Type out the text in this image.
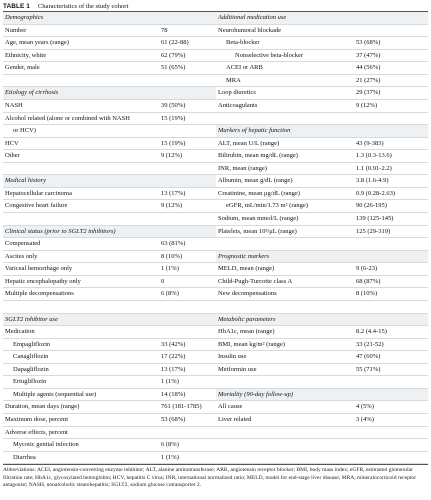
TABLE 1 Characteristics of the study cohort
Demographics
Number	78
Age, mean years (range)	61 (22-88)
Ethnicity, white	62 (79%)
Gender, male	51 (65%)
Etiology of cirrhosis
NASH	39 (50%)
Alcohol related (alone or combined with NASH	15 (19%)
or HCV)
HCV	15 (19%)
Other	9 (12%)
Medical history
Hepatocellular carcinoma	13 (17%)
Congestive heart failure	9 (12%)
Clinical status (prior to SGLT2 inhibitors)
Compensated	63 (81%)
Ascites only	8 (10%)
Variceal hemorrhage only	1 (1%)
Hepatic encephalopathy only	0
Multiple decompensations	6 (8%)
SGLT2 inhibitor use
Medication
Empagliflozin	33 (42%)
Canagliflozin	17 (22%)
Dapagliflozin	13 (17%)
Ertugliflozin	1 (1%)
Multiple agents (sequential use)	14 (18%)
Duration, mean days (range)	761 (181-1785)
Maximum dose, percent	53 (68%)
Adverse effects, percent
Mycotic genital infection	6 (8%)
Diarrhea	1 (1%)
Additional medication use
Neurohumoral blockade
Beta-blocker	53 (68%)
Nonselective beta-blocker	37 (47%)
ACEI or ARB	44 (56%)
MRA	21 (27%)
Loop diuretics	29 (37%)
Anticoagulants	9 (12%)
Markers of hepatic function
ALT, mean U/L (range)	43 (9-383)
Bilirubin, mean mg/dL (range)	1.3 (0.3-13.6)
INR, mean (range)	1.1 (0.91-2.2)
Albumin, mean g/dL (range)	3.8 (1.6-4.9)
Creatinine, mean μg/dL (range)	0.9 (0.28-2.63)
eGFR, mL/min/1.73 m² (range)	90 (26-195)
Sodium, mean mmol/L (range)	139 (125-145)
Platelets, mean 10³/μL (range)	125 (29-319)
Prognostic markers
MELD, mean (range)	9 (6-23)
Child-Pugh-Turcotte class A	68 (87%)
New decompensations	8 (10%)
Metabolic parameters
HbA1c, mean (range)	8.2 (4.4-15)
BMI, mean kg/m² (range)	33 (21-52)
Insulin use	47 (60%)
Metformin use	55 (71%)
Mortality (90-day follow-up)
All cause	4 (5%)
Liver related	3 (4%)
Abbreviations: ACEI, angiotensin-converting enzyme inhibitor; ALT, alanine aminotransferase; ARB, angiotensin receptor blocker; BMI, body mass index; eGFR, estimated glomerular filtration rate; HbA1c, glycosylated hemoglobin; HCV, hepatitis C virus; INR, international normalized ratio; MELD, model for end-stage liver disease; MRA, mineralocorticoid receptor antagonist; NASH, nonalcoholic steatohepatitis; SGLT2, sodium glucose cotransporter 2.
